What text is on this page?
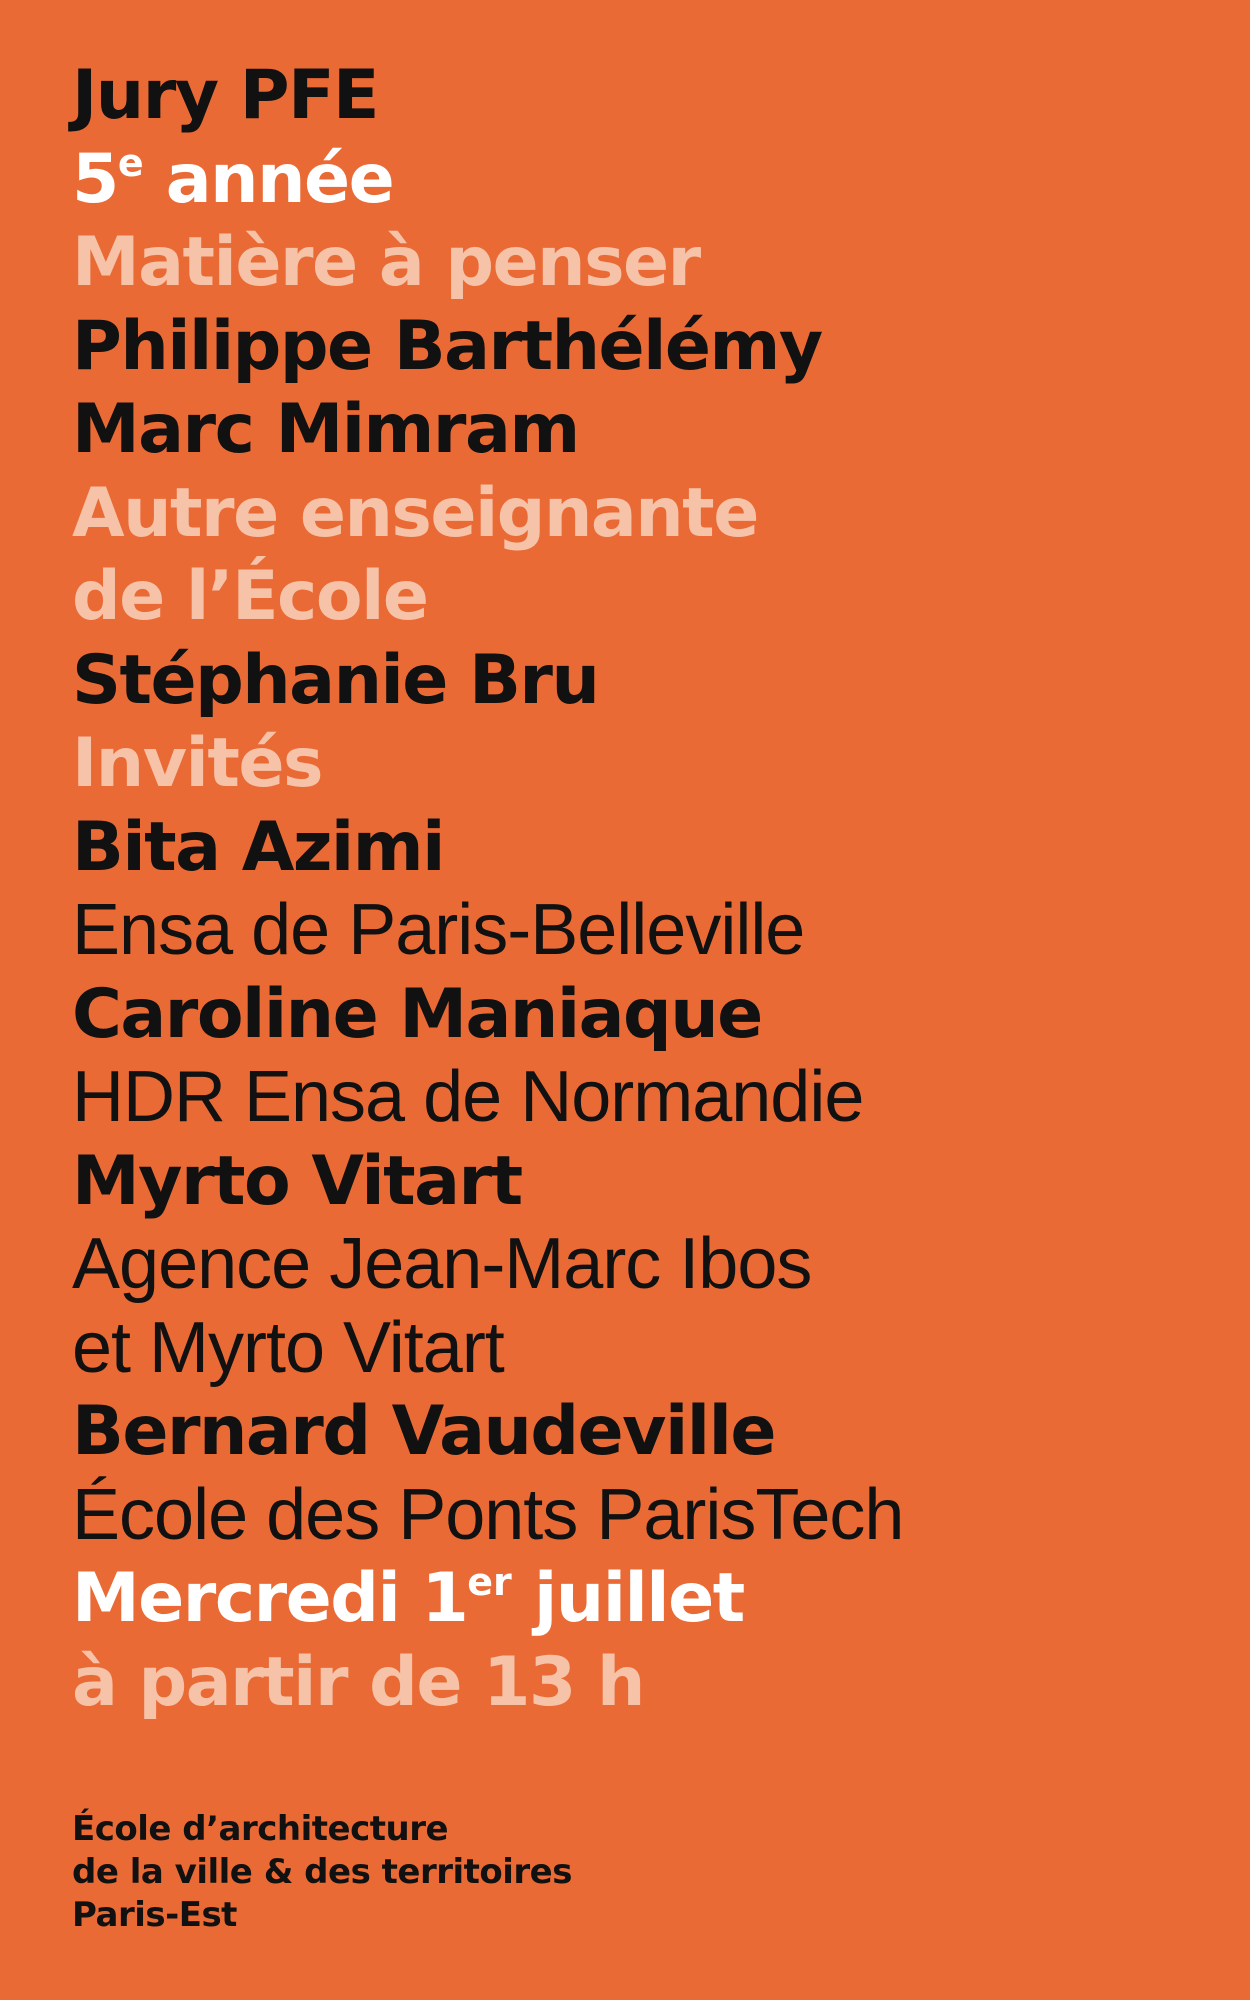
Jury PFE
5e année
Matière à penser
Philippe Barthélémy
Marc Mimram
Autre enseignante
de l’École
Stéphanie Bru
Invités
Bita Azimi
Ensa de Paris-Belleville
Caroline Maniaque
HDR Ensa de Normandie
Myrto Vitart
Agence Jean-Marc Ibos
et Myrto Vitart
Bernard Vaudeville
École des Ponts ParisTech
Mercredi 1er juillet
à partir de 13 h
École d’architecture
de la ville & des territoires
Paris-Est
